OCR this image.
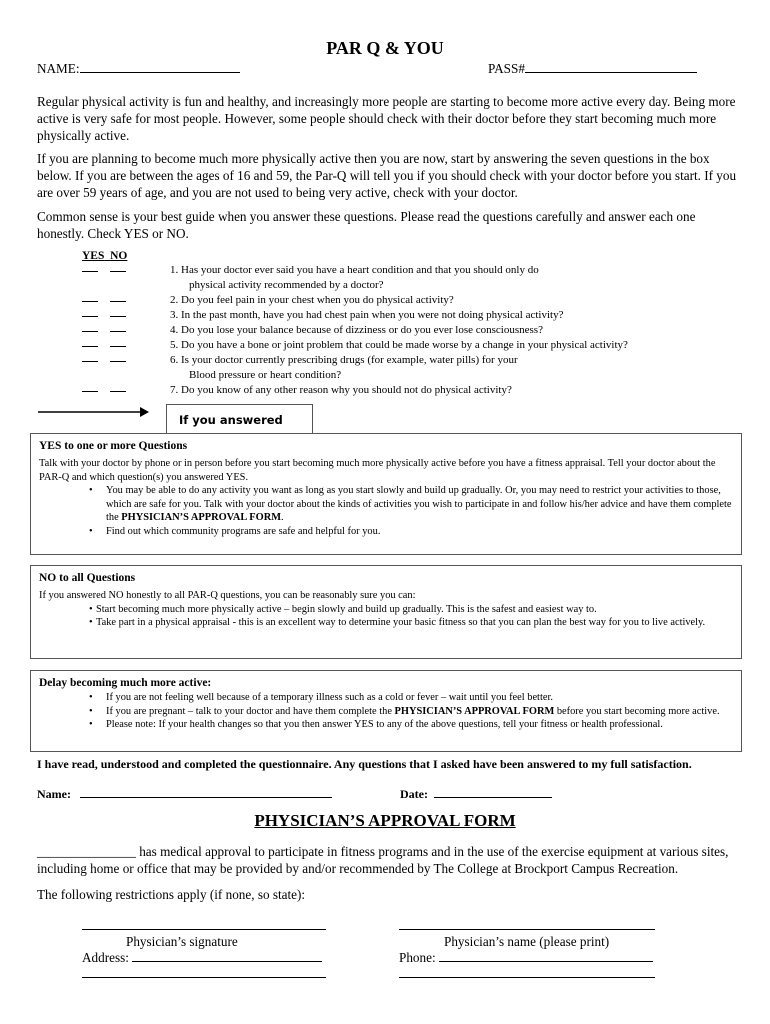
PAR Q & YOU
NAME:	PASS#
Regular physical activity is fun and healthy, and increasingly more people are starting to become more active every day. Being more active is very safe for most people. However, some people should check with their doctor before they start becoming much more physically active.
If you are planning to become much more physically active then you are now, start by answering the seven questions in the box below. If you are between the ages of 16 and 59, the Par-Q will tell you if you should check with your doctor before you start. If you are over 59 years of age, and you are not used to being very active, check with your doctor.
Common sense is your best guide when you answer these questions. Please read the questions carefully and answer each one honestly. Check YES or NO.
YES NO
1. Has your doctor ever said you have a heart condition and that you should only do
physical activity recommended by a doctor?
2. Do you feel pain in your chest when you do physical activity?
3. In the past month, have you had chest pain when you were not doing physical activity?
4. Do you lose your balance because of dizziness or do you ever lose consciousness?
5. Do you have a bone or joint problem that could be made worse by a change in your physical activity?
6. Is your doctor currently prescribing drugs (for example, water pills) for your
Blood pressure or heart condition?
7. Do you know of any other reason why you should not do physical activity?
If you answered
YES to one or more Questions
Talk with your doctor by phone or in person before you start becoming much more physically active before you have a fitness appraisal. Tell your doctor about the PAR-Q and which question(s) you answered YES.
• You may be able to do any activity you want as long as you start slowly and build up gradually. Or, you may need to restrict your activities to those, which are safe for you. Talk with your doctor about the kinds of activities you wish to participate in and follow his/her advice and have them complete the PHYSICIAN’S APPROVAL FORM.
• Find out which community programs are safe and helpful for you.
NO to all Questions
If you answered NO honestly to all PAR-Q questions, you can be reasonably sure you can:
• Start becoming much more physically active – begin slowly and build up gradually. This is the safest and easiest way to.
• Take part in a physical appraisal - this is an excellent way to determine your basic fitness so that you can plan the best way for you to live actively.
Delay becoming much more active:
• If you are not feeling well because of a temporary illness such as a cold or fever – wait until you feel better.
• If you are pregnant – talk to your doctor and have them complete the PHYSICIAN’S APPROVAL FORM before you start becoming more active.
• Please note: If your health changes so that you then answer YES to any of the above questions, tell your fitness or health professional.
I have read, understood and completed the questionnaire. Any questions that I asked have been answered to my full satisfaction.
Name:	Date:
PHYSICIAN’S APPROVAL FORM
_______________ has medical approval to participate in fitness programs and in the use of the exercise equipment at various sites, including home or office that may be provided by and/or recommended by The College at Brockport Campus Recreation.
The following restrictions apply (if none, so state):
Physician’s signature	Physician’s name (please print)
Address:	Phone:
